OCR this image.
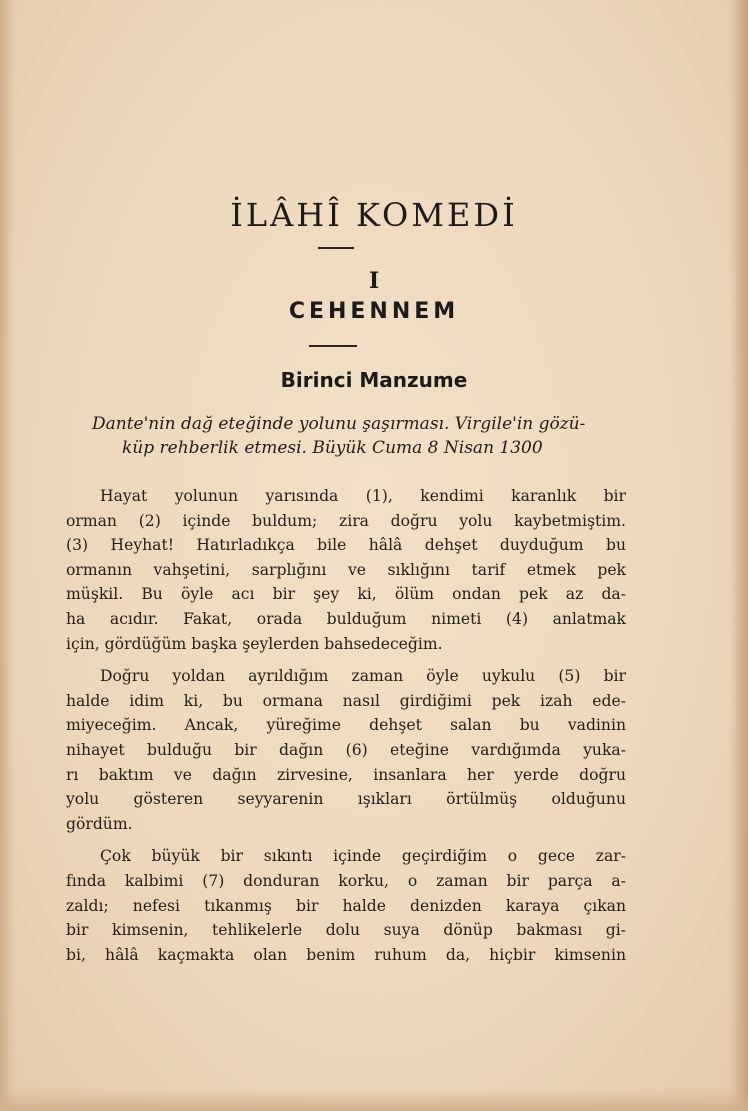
İLÂHÎ KOMEDİ
I
CEHENNEM
Birinci Manzume
Dante'nin dağ eteğinde yolunu şaşırması. Virgile'in gözü-
küp rehberlik etmesi. Büyük Cuma 8 Nisan 1300

Hayat yolunun yarısında (1), kendimi karanlık bir
orman (2) içinde buldum; zira doğru yolu kaybetmiştim.
(3) Heyhat! Hatırladıkça bile hâlâ dehşet duyduğum bu
ormanın vahşetini, sarplığını ve sıklığını tarif etmek pek
müşkil. Bu öyle acı bir şey ki, ölüm ondan pek az da-
ha acıdır. Fakat, orada bulduğum nimeti (4) anlatmak
için, gördüğüm başka şeylerden bahsedeceğim.

Doğru yoldan ayrıldığım zaman öyle uykulu (5) bir
halde idim ki, bu ormana nasıl girdiğimi pek izah ede-
miyeceğim. Ancak, yüreğime dehşet salan bu vadinin
nihayet bulduğu bir dağın (6) eteğine vardığımda yuka-
rı baktım ve dağın zirvesine, insanlara her yerde doğru
yolu gösteren seyyarenin ışıkları örtülmüş olduğunu
gördüm.

Çok büyük bir sıkıntı içinde geçirdiğim o gece zar-
fında kalbimi (7) donduran korku, o zaman bir parça a-
zaldı; nefesi tıkanmış bir halde denizden karaya çıkan
bir kimsenin, tehlikelerle dolu suya dönüp bakması gi-
bi, hâlâ kaçmakta olan benim ruhum da, hiçbir kimsenin
